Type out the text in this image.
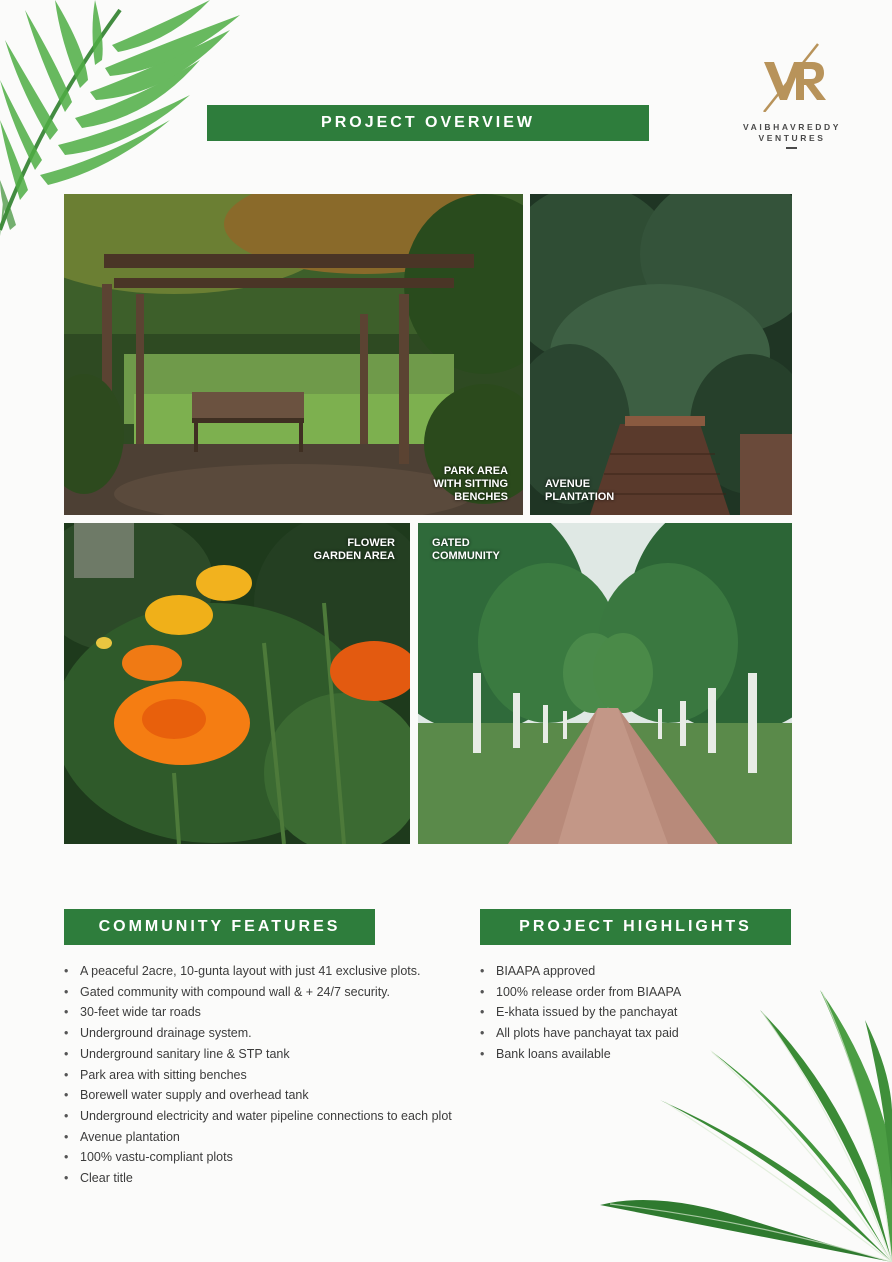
VAIBHAVREDDY
VENTURES
PROJECT OVERVIEW
PARK AREA
WITH SITTING
BENCHES
AVENUE
PLANTATION
FLOWER
GARDEN AREA
GATED
COMMUNITY
COMMUNITY FEATURES
• A peaceful 2acre, 10-gunta layout with just 41 exclusive plots.
• Gated community with compound wall & + 24/7 security.
• 30-feet wide tar roads
• Underground drainage system.
• Underground sanitary line & STP tank
• Park area with sitting benches
• Borewell water supply and overhead tank
• Underground electricity and water pipeline connections to each plot
• Avenue plantation
• 100% vastu-compliant plots
• Clear title
PROJECT HIGHLIGHTS
• BIAAPA approved
• 100% release order from BIAAPA
• E-khata issued by the panchayat
• All plots have panchayat tax paid
• Bank loans available
